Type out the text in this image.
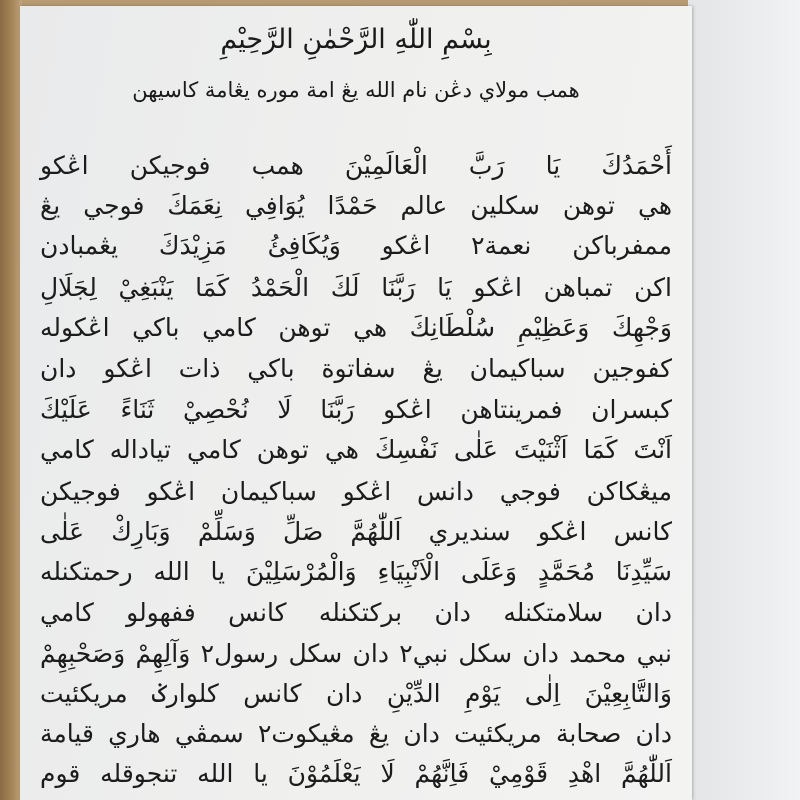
بِسْمِ اللّٰهِ الرَّحْمٰنِ الرَّحِيْمِ
همب مولاي دڠن نام الله يڠ امة موره يڠامة كاسيهن
أَحْمَدُكَ يَا رَبَّ الْعَالَمِيْنَ همب فوجيكن اڠكو
هي توهن سكلين عالم حَمْدًا يُوَافِي نِعَمَكَ فوجي يڠ
ممفرباكن نعمة٢ اڠكو وَيُكَافِئُ مَزِيْدَكَ يڠمبادن
اكن تمباهن اڠكو يَا رَبَّنَا لَكَ الْحَمْدُ كَمَا يَنْبَغِيْ لِجَلَالِ
وَجْهِكَ وَعَظِيْمِ سُلْطَانِكَ هي توهن كامي باكي اڠكوله
كفوجين سباكيمان يڠ سفاتوة باكي ذات اڠكو دان
كبسران فمرينتاهن اڠكو رَبَّنَا لَا نُحْصِيْ ثَنَاءً عَلَيْكَ
اَنْتَ كَمَا اَثْنَيْتَ عَلٰى نَفْسِكَ هي توهن كامي تياداله كامي
ميڠكاكن فوجي دانس اڠكو سباكيمان اڠكو فوجيكن
كانس اڠكو سنديري اَللّٰهُمَّ صَلِّ وَسَلِّمْ وَبَارِكْ عَلٰى
سَيِّدِنَا مُحَمَّدٍ وَعَلَى الْاَنْبِيَاءِ وَالْمُرْسَلِيْنَ يا الله رحمتكنله
دان سلامتكنله دان بركتكنله كانس ففهولو كامي
نبي محمد دان سكل نبي٢ دان سكل رسول٢ وَآلِهِمْ وَصَحْبِهِمْ
وَالتَّابِعِيْنَ اِلٰى يَوْمِ الدِّيْنِ دان كانس كلوارݢ مريكئيت
دان صحابة مريكئيت دان يڠ مڠيكوت٢ سمڤي هاري قيامة
اَللّٰهُمَّ اهْدِ قَوْمِيْ فَاِنَّهُمْ لَا يَعْلَمُوْنَ يا الله تنجوقله قوم
